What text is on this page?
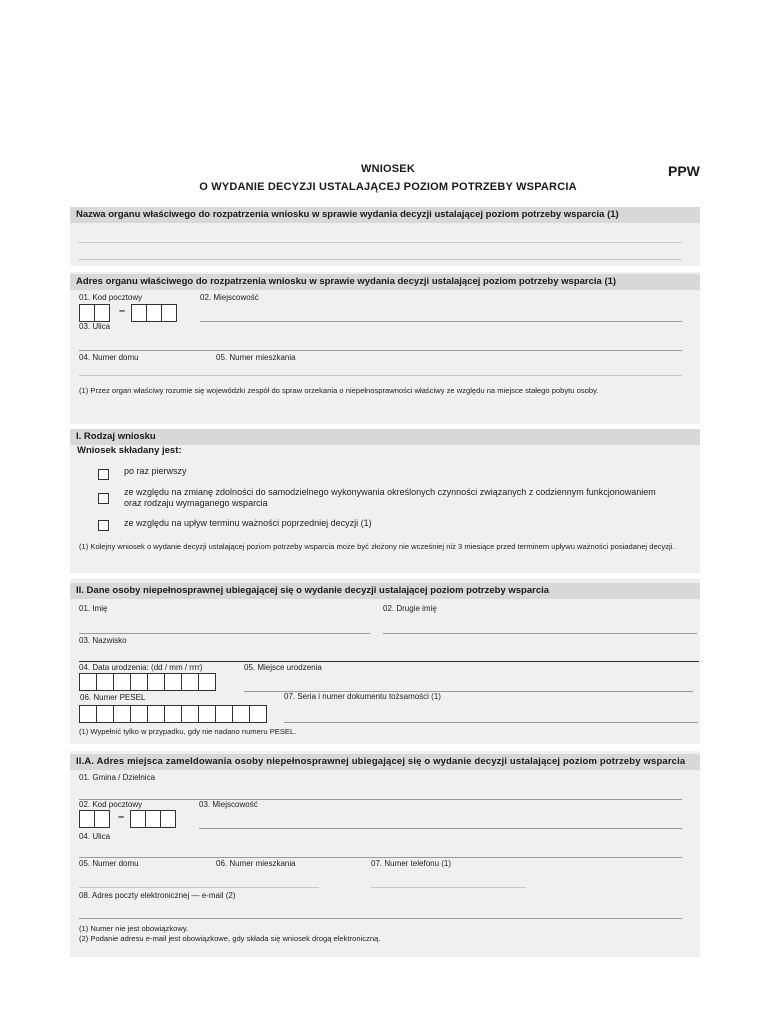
WNIOSEK
O WYDANIE DECYZJI USTALAJĄCEJ POZIOM POTRZEBY WSPARCIA
PPW
Nazwa organu właściwego do rozpatrzenia wniosku w sprawie wydania decyzji ustalającej poziom potrzeby wsparcia (1)
Adres organu właściwego do rozpatrzenia wniosku w sprawie wydania decyzji ustalającej poziom potrzeby wsparcia (1)
01. Kod pocztowy	02. Miejscowość
–
03. Ulica
04. Numer domu	05. Numer mieszkania
(1) Przez organ właściwy rozumie się wojewódzki zespół do spraw orzekania o niepełnosprawności właściwy ze względu na miejsce stałego pobytu osoby.
I. Rodzaj wniosku
Wniosek składany jest:
po raz pierwszy
ze względu na zmianę zdolności do samodzielnego wykonywania określonych czynności związanych z codziennym funkcjonowaniem oraz rodzaju wymaganego wsparcia
ze względu na upływ terminu ważności poprzedniej decyzji (1)
(1) Kolejny wniosek o wydanie decyzji ustalającej poziom potrzeby wsparcia może być złożony nie wcześniej niż 3 miesiące przed terminem upływu ważności posiadanej decyzji.
II. Dane osoby niepełnosprawnej ubiegającej się o wydanie decyzji ustalającej poziom potrzeby wsparcia
01. Imię	02. Drugie imię
03. Nazwisko
04. Data urodzenia: (dd / mm / rrrr)	05. Miejsce urodzenia
06. Numer PESEL	07. Seria i numer dokumentu tożsamości (1)
(1) Wypełnić tylko w przypadku, gdy nie nadano numeru PESEL.
II.A. Adres miejsca zameldowania osoby niepełnosprawnej ubiegającej się o wydanie decyzji ustalającej poziom potrzeby wsparcia
01. Gmina / Dzielnica
02. Kod pocztowy	03. Miejscowość
–
04. Ulica
05. Numer domu	06. Numer mieszkania	07. Numer telefonu (1)
08. Adres poczty elektronicznej — e-mail (2)
(1) Numer nie jest obowiązkowy.
(2) Podanie adresu e-mail jest obowiązkowe, gdy składa się wniosek drogą elektroniczną.
